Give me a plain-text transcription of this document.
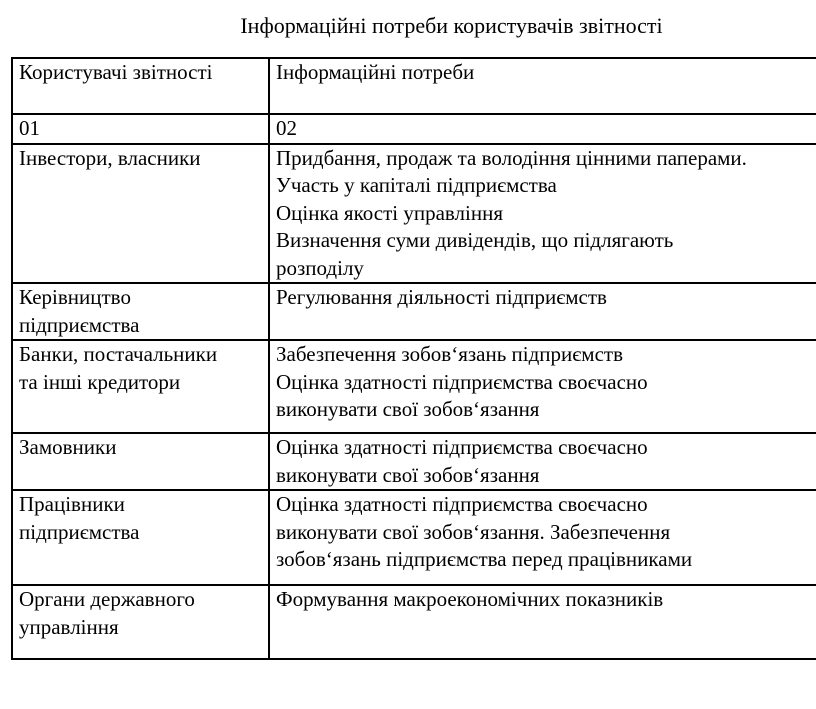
Інформаційні потреби користувачів звітності
Користувачі звітності	Інформаційні потреби
01	02

Інвестори, власники	Придбання, продаж та володіння цінними паперами.
Участь у капіталі підприємства
Оцінка якості управління
Визначення суми дивідендів, що підлягають
розподілу

Керівництво
підприємства	Регулювання діяльності підприємств

Банки, постачальники
та інші кредитори	Забезпечення зобов‘язань підприємств
Оцінка здатності підприємства своєчасно
виконувати свої зобов‘язання

Замовники	Оцінка здатності підприємства своєчасно
виконувати свої зобов‘язання

Працівники
підприємства	Оцінка здатності підприємства своєчасно
виконувати свої зобов‘язання. Забезпечення
зобов‘язань підприємства перед працівниками

Органи державного
управління	Формування макроекономічних показників
